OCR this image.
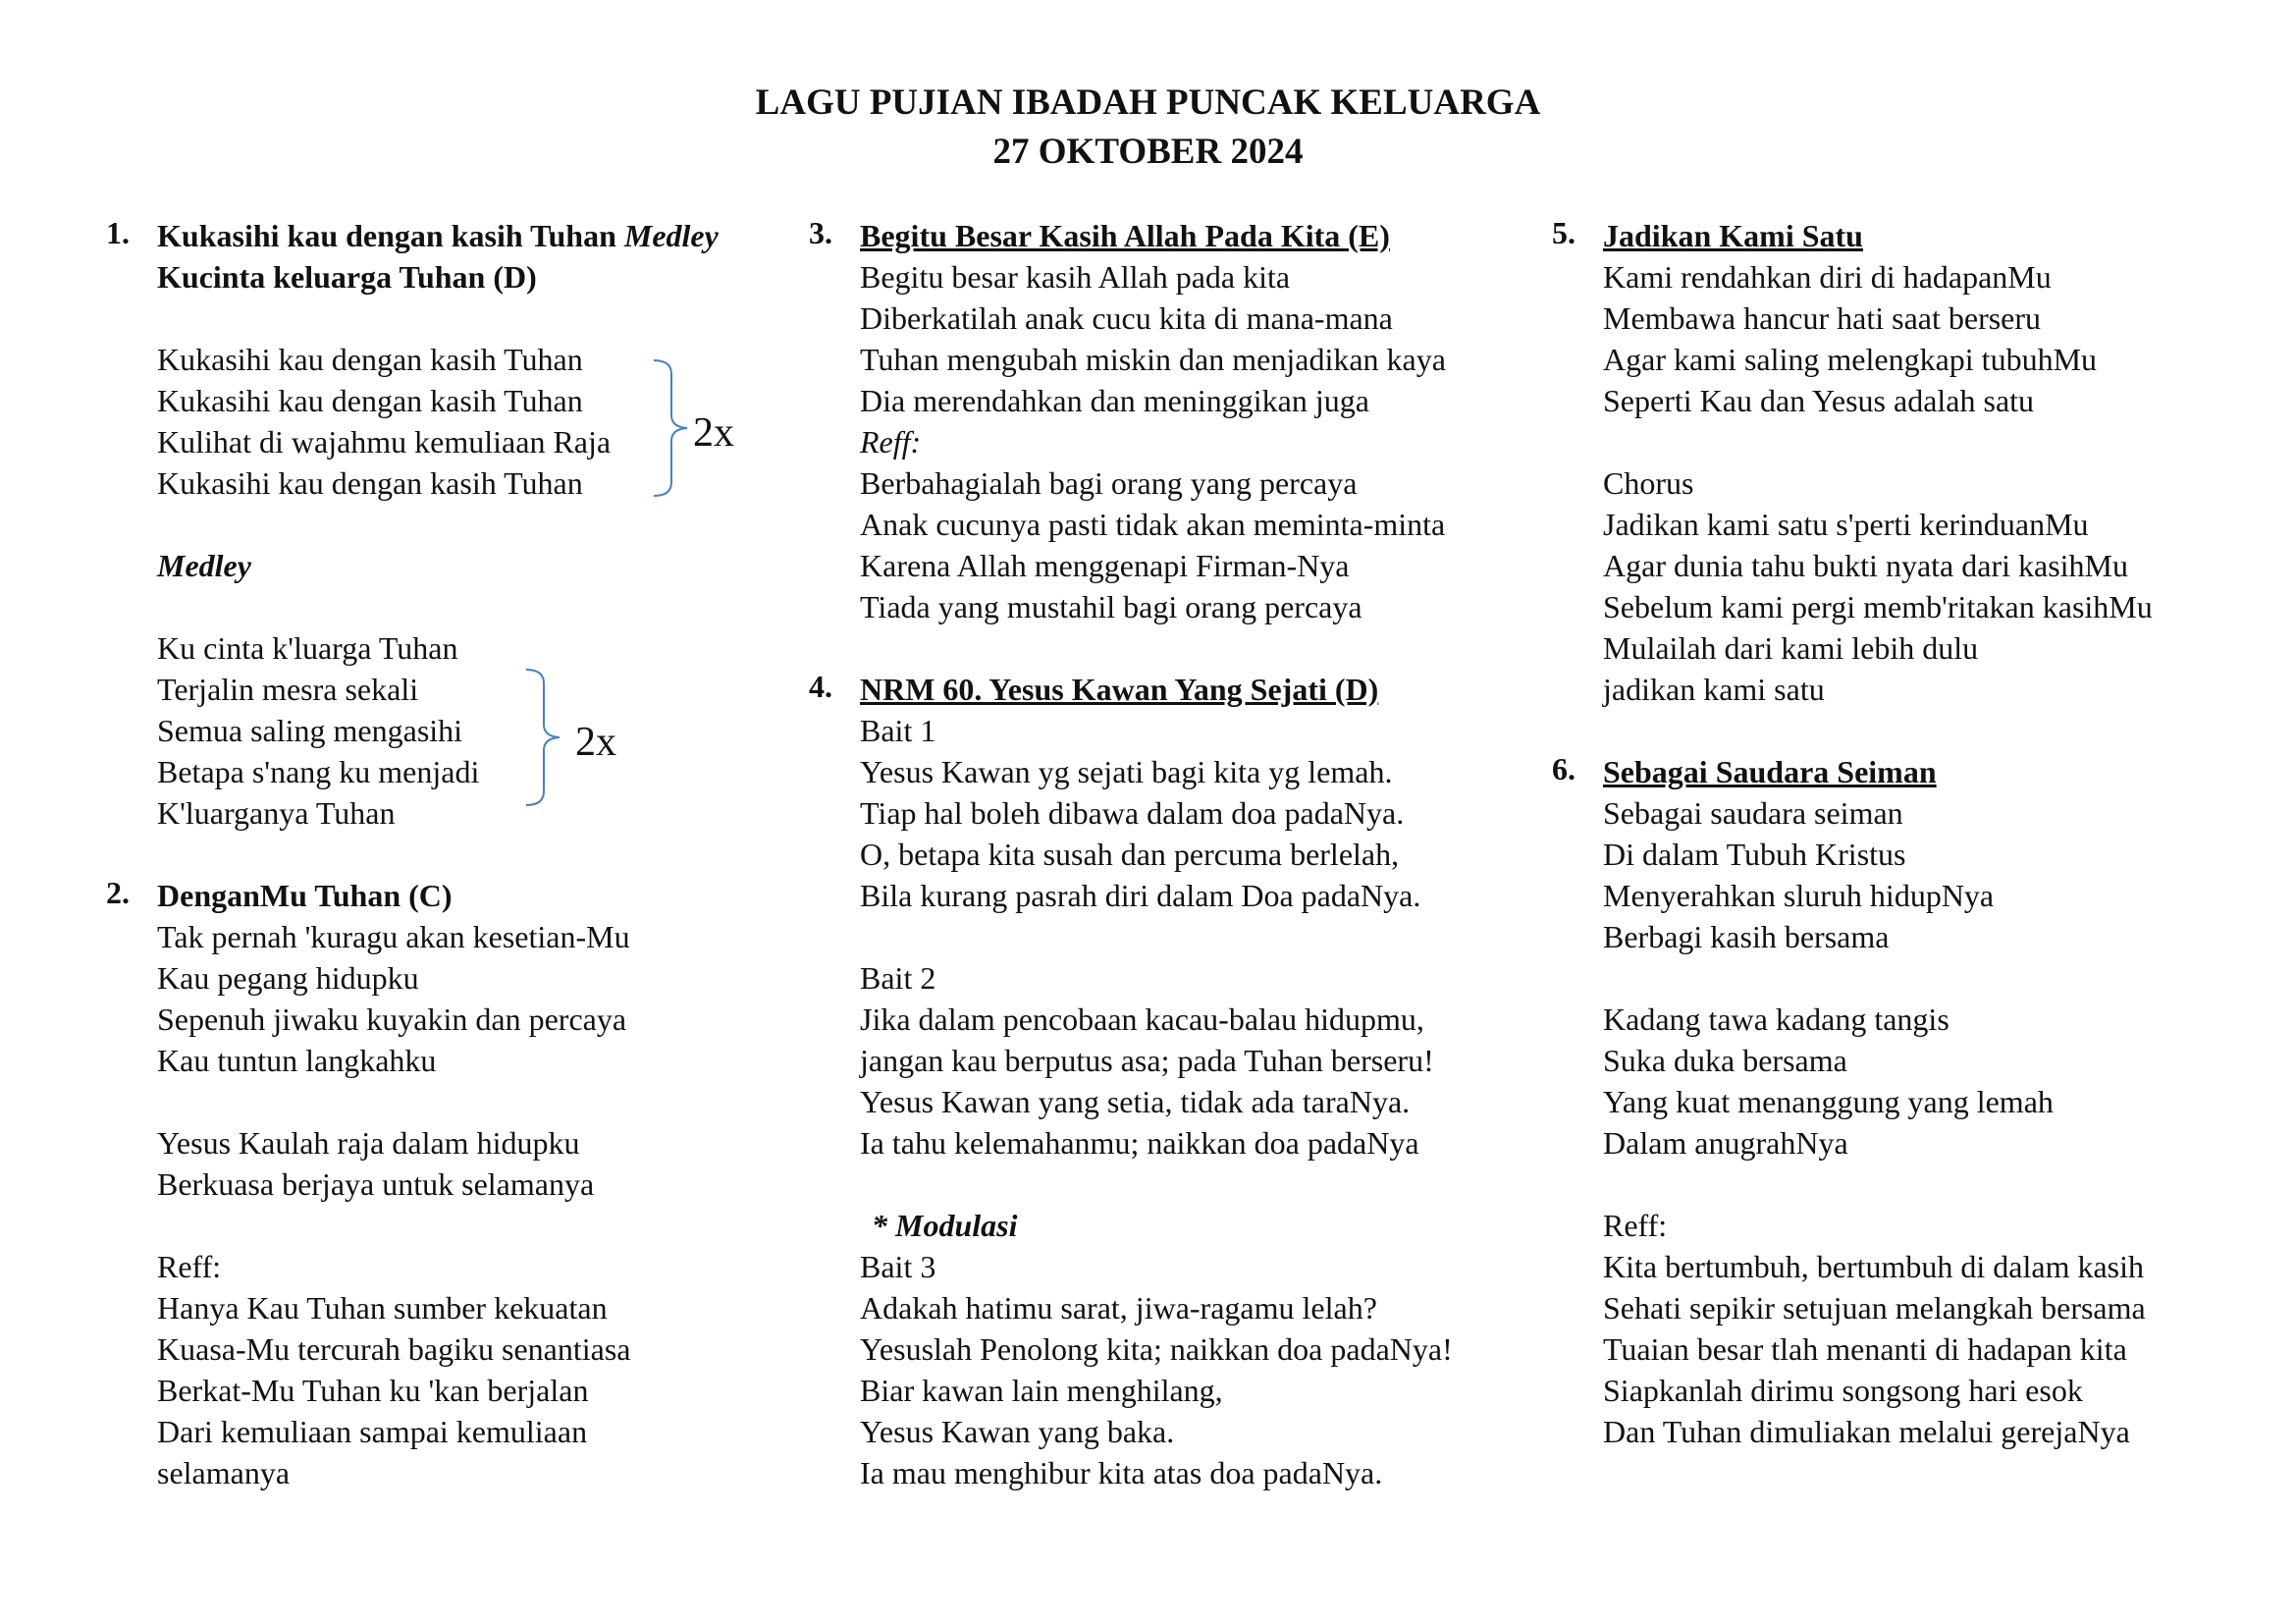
LAGU PUJIAN IBADAH PUNCAK KELUARGA
27 OKTOBER 2024
1. Kukasihi kau dengan kasih Tuhan Medley
Kucinta keluarga Tuhan (D)
Kukasihi kau dengan kasih Tuhan
Kukasihi kau dengan kasih Tuhan
Kulihat di wajahmu kemuliaan Raja
Kukasihi kau dengan kasih Tuhan
Medley
Ku cinta k'luarga Tuhan
Terjalin mesra sekali
Semua saling mengasihi
Betapa s'nang ku menjadi
K'luarganya Tuhan
2. DenganMu Tuhan (C)
Tak pernah 'kuragu akan kesetian-Mu
Kau pegang hidupku
Sepenuh jiwaku kuyakin dan percaya
Kau tuntun langkahku
Yesus Kaulah raja dalam hidupku
Berkuasa berjaya untuk selamanya
Reff:
Hanya Kau Tuhan sumber kekuatan
Kuasa-Mu tercurah bagiku senantiasa
Berkat-Mu Tuhan ku 'kan berjalan
Dari kemuliaan sampai kemuliaan
selamanya
2x
2x
3. Begitu Besar Kasih Allah Pada Kita (E)
Begitu besar kasih Allah pada kita
Diberkatilah anak cucu kita di mana-mana
Tuhan mengubah miskin dan menjadikan kaya
Dia merendahkan dan meninggikan juga
Reff:
Berbahagialah bagi orang yang percaya
Anak cucunya pasti tidak akan meminta-minta
Karena Allah menggenapi Firman-Nya
Tiada yang mustahil bagi orang percaya
4. NRM 60. Yesus Kawan Yang Sejati (D)
Bait 1
Yesus Kawan yg sejati bagi kita yg lemah.
Tiap hal boleh dibawa dalam doa padaNya.
O, betapa kita susah dan percuma berlelah,
Bila kurang pasrah diri dalam Doa padaNya.
Bait 2
Jika dalam pencobaan kacau-balau hidupmu,
jangan kau berputus asa; pada Tuhan berseru!
Yesus Kawan yang setia, tidak ada taraNya.
Ia tahu kelemahanmu; naikkan doa padaNya
* Modulasi
Bait 3
Adakah hatimu sarat, jiwa-ragamu lelah?
Yesuslah Penolong kita; naikkan doa padaNya!
Biar kawan lain menghilang,
Yesus Kawan yang baka.
Ia mau menghibur kita atas doa padaNya.
5. Jadikan Kami Satu
Kami rendahkan diri di hadapanMu
Membawa hancur hati saat berseru
Agar kami saling melengkapi tubuhMu
Seperti Kau dan Yesus adalah satu
Chorus
Jadikan kami satu s'perti kerinduanMu
Agar dunia tahu bukti nyata dari kasihMu
Sebelum kami pergi memb'ritakan kasihMu
Mulailah dari kami lebih dulu
jadikan kami satu
6. Sebagai Saudara Seiman
Sebagai saudara seiman
Di dalam Tubuh Kristus
Menyerahkan sluruh hidupNya
Berbagi kasih bersama
Kadang tawa kadang tangis
Suka duka bersama
Yang kuat menanggung yang lemah
Dalam anugrahNya
Reff:
Kita bertumbuh, bertumbuh di dalam kasih
Sehati sepikir setujuan melangkah bersama
Tuaian besar tlah menanti di hadapan kita
Siapkanlah dirimu songsong hari esok
Dan Tuhan dimuliakan melalui gerejaNya
